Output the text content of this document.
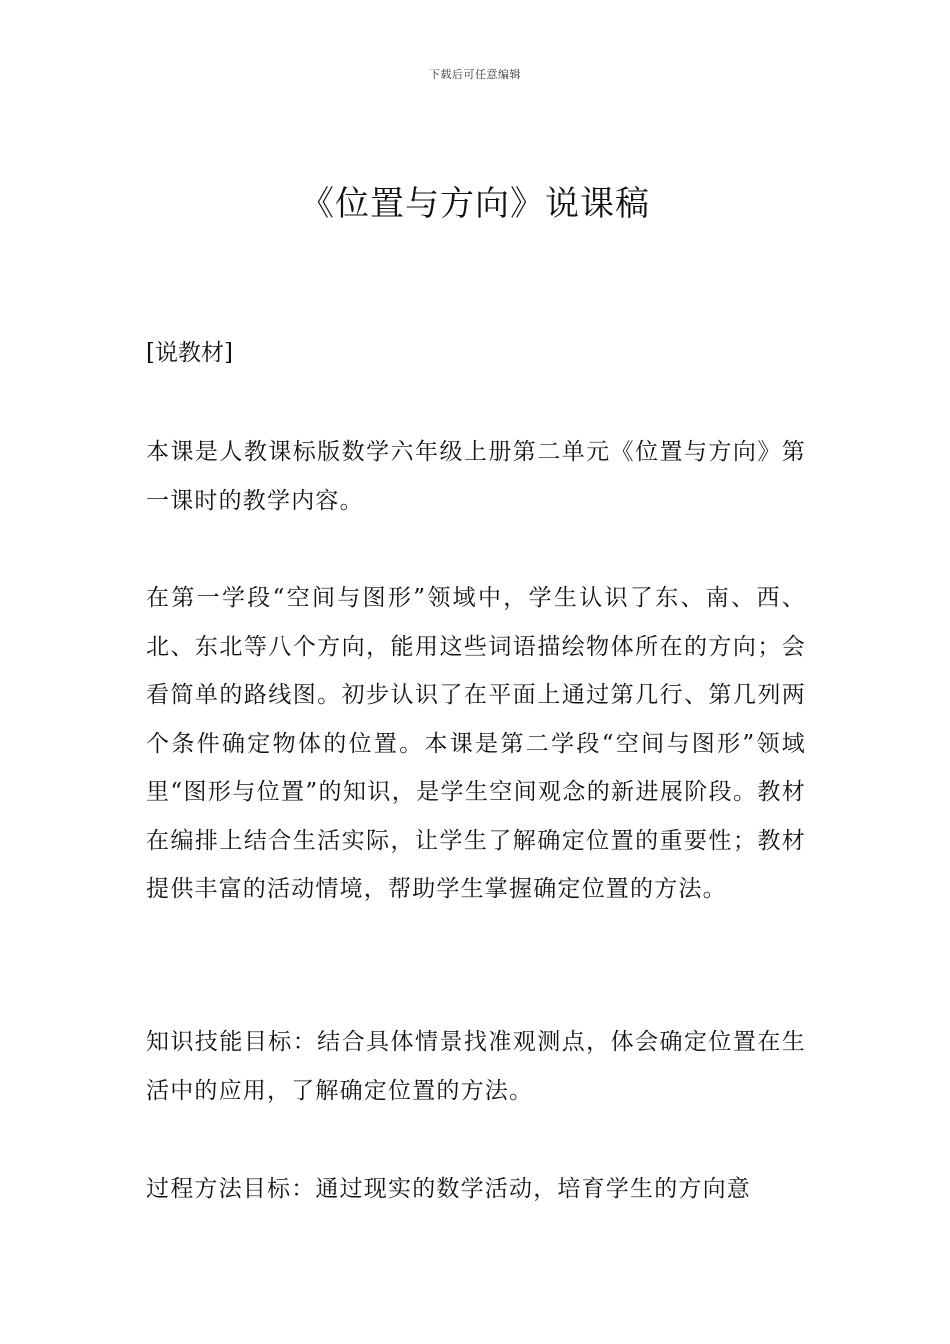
下载后可任意编辑
《位置与方向》说课稿

[说教材]

本课是人教课标版数学六年级上册第二单元《位置与方向》第一课时的教学内容。

在第一学段“空间与图形”领域中，学生认识了东、南、西、北、东北等八个方向，能用这些词语描绘物体所在的方向；会看简单的路线图。初步认识了在平面上通过第几行、第几列两个条件确定物体的位置。本课是第二学段“空间与图形”领域里“图形与位置”的知识，是学生空间观念的新进展阶段。教材在编排上结合生活实际，让学生了解确定位置的重要性；教材提供丰富的活动情境，帮助学生掌握确定位置的方法。

知识技能目标：结合具体情景找准观测点，体会确定位置在生活中的应用，了解确定位置的方法。

过程方法目标：通过现实的数学活动，培育学生的方向意
